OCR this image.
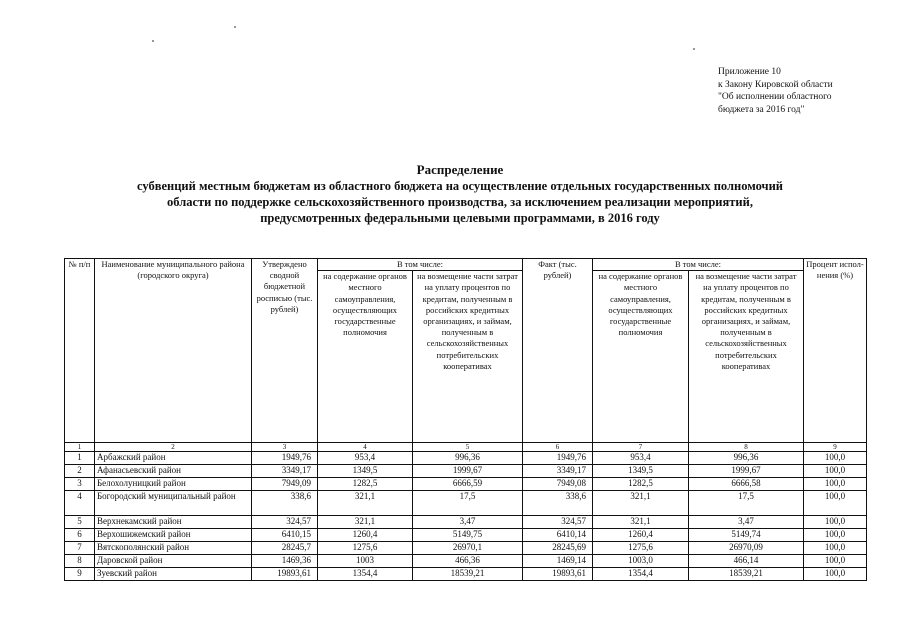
Приложение 10
к Закону Кировской области
"Об исполнении областного
бюджета за 2016 год"
Распределение
субвенций местным бюджетам из областного бюджета на осуществление отдельных государственных полномочий
области по поддержке сельскохозяйственного производства, за исключением реализации мероприятий,
предусмотренных федеральными целевыми программами, в 2016 году
№ п/п	Наименование муниципального района (городского округа)	Утверждено сводной бюджетной росписью (тыс. рублей)	В том числе:		Факт (тыс. рублей)	В том числе:		Процент испол-нения (%)
			на содержание органов местного самоуправления, осуществляющих государственные полномочия	на возмещение части затрат на уплату процентов по кредитам, полученным в российских кредитных организациях, и займам, полученным в сельскохозяйственных потребительских кооперативах		на содержание органов местного самоуправления, осуществляющих государственные полномочия	на возмещение части затрат на уплату процентов по кредитам, полученным в российских кредитных организациях, и займам, полученным в сельскохозяйственных потребительских кооперативах	
1	2	3	4	5	6	7	8	9
1	Арбажский район	1949,76	953,4	996,36	1949,76	953,4	996,36	100,0
2	Афанасьевский район	3349,17	1349,5	1999,67	3349,17	1349,5	1999,67	100,0
3	Белохолуницкий район	7949,09	1282,5	6666,59	7949,08	1282,5	6666,58	100,0
4	Богородский муниципальный район	338,6	321,1	17,5	338,6	321,1	17,5	100,0
5	Верхнекамский район	324,57	321,1	3,47	324,57	321,1	3,47	100,0
6	Верхошижемский район	6410,15	1260,4	5149,75	6410,14	1260,4	5149,74	100,0
7	Вятскополянский район	28245,7	1275,6	26970,1	28245,69	1275,6	26970,09	100,0
8	Даровской район	1469,36	1003	466,36	1469,14	1003,0	466,14	100,0
9	Зуевский район	19893,61	1354,4	18539,21	19893,61	1354,4	18539,21	100,0
